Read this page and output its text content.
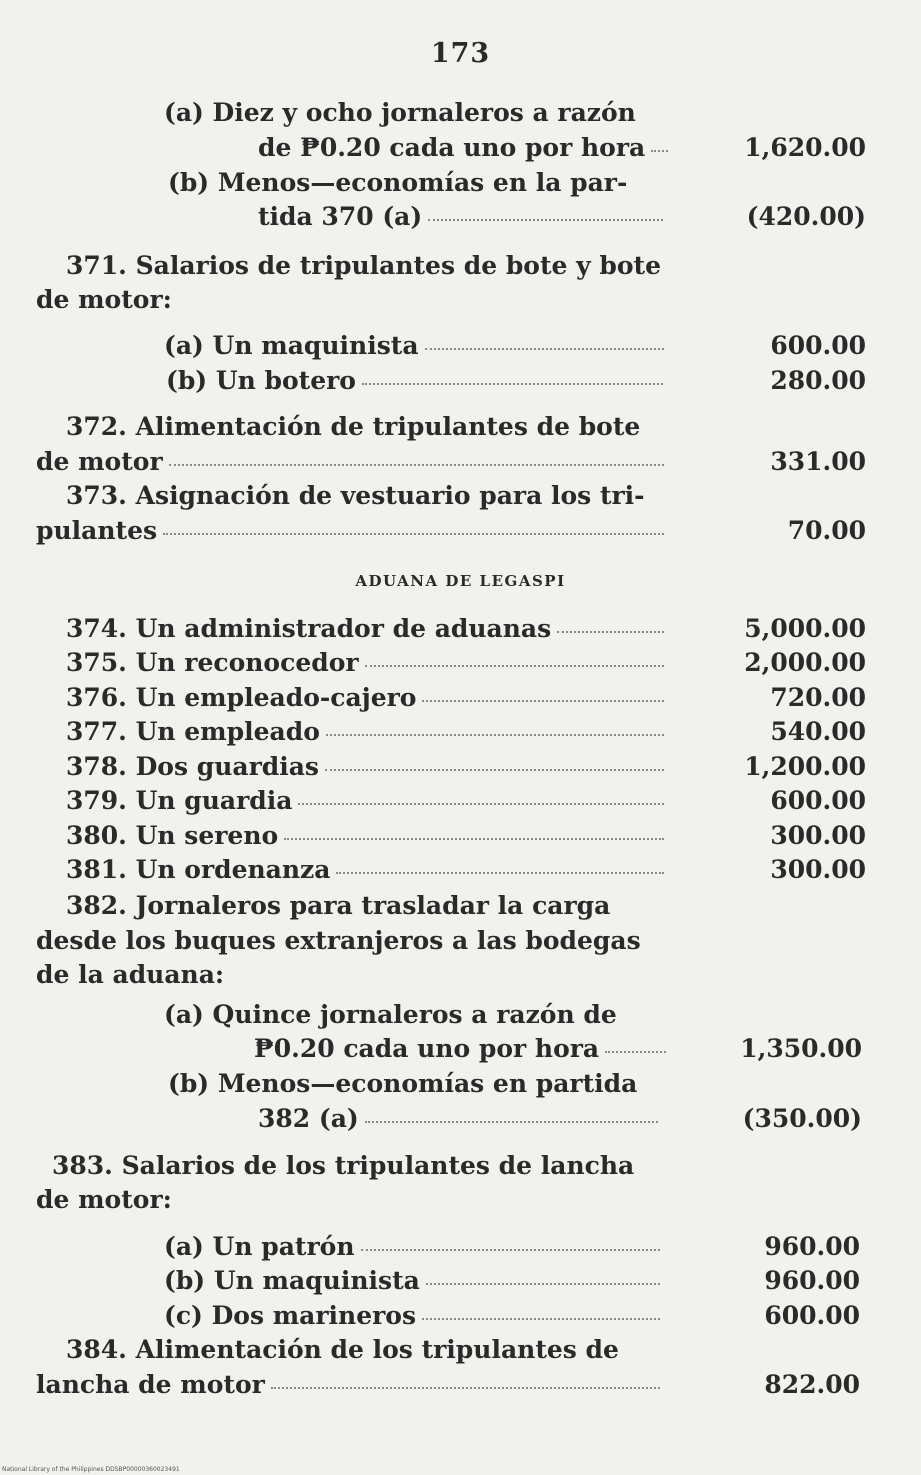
173
(a) Diez y ocho jornaleros a razón
de ₱0.20 cada uno por hora
(b) Menos—economías en la par-
tida 370 (a)
371. Salarios de tripulantes de bote y bote
de motor:
(a) Un maquinista
(b) Un botero
372. Alimentación de tripulantes de bote
de motor
373. Asignación de vestuario para los tri-
pulantes
ADUANA DE LEGASPI
374. Un administrador de aduanas
375. Un reconocedor
376. Un empleado-cajero
377. Un empleado
378. Dos guardias
379. Un guardia
380. Un sereno
381. Un ordenanza
382. Jornaleros para trasladar la carga
desde los buques extranjeros a las bodegas
de la aduana:
(a) Quince jornaleros a razón de
₱0.20 cada uno por hora
(b) Menos—economías en partida
382 (a)
383. Salarios de los tripulantes de lancha
de motor:
(a) Un patrón
(b) Un maquinista
(c) Dos marineros
384. Alimentación de los tripulantes de
lancha de motor
1,620.00
(420.00)
600.00
280.00
331.00
70.00
5,000.00
2,000.00
720.00
540.00
1,200.00
600.00
300.00
300.00
1,350.00
(350.00)
960.00
960.00
600.00
822.00
National Library of the Philippines DDSBP00000360023491
